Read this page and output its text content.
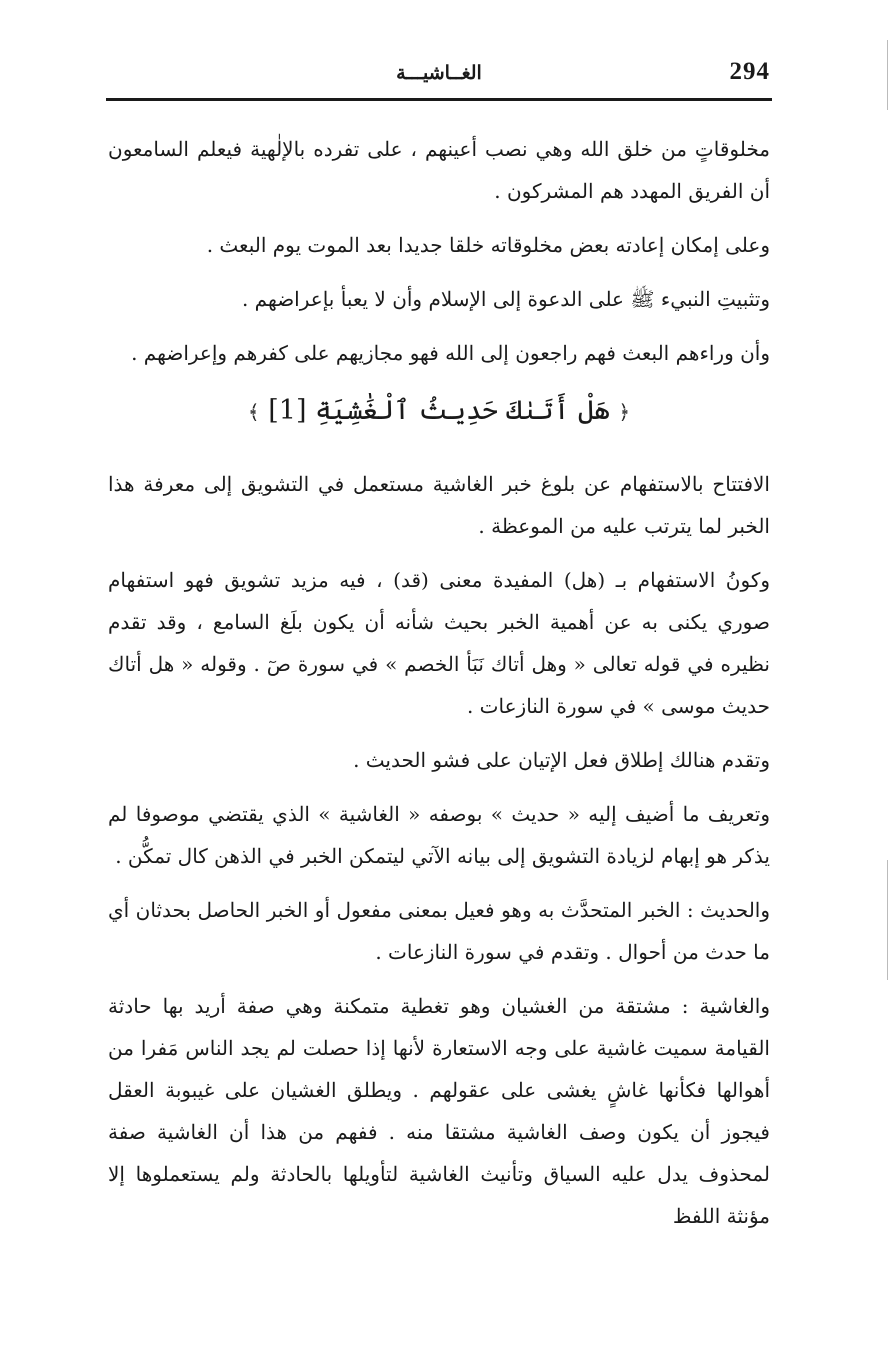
294
الغــاشيـــة

مخلوقاتٍ من خلق الله وهي نصب أعينهم ، على تفرده بالإلٰهية فيعلم السامعون أن الفريق المهدد هم المشركون .

وعلى إمكان إعادته بعض مخلوقاته خلقا جديدا بعد الموت يوم البعث .

وتثبيتِ النبيء ﷺ على الدعوة إلى الإسلام وأن لا يعبأ بإعراضهم .

وأن وراءهم البعث فهم راجعون إلى الله فهو مجازيهم على كفرهم وإعراضهم .

﴿ هَلْ أَتَىٰكَ حَدِيثُ ٱلْغَٰشِيَةِ [1] ﴾

الافتتاح بالاستفهام عن بلوغ خبر الغاشية مستعمل في التشويق إلى معرفة هذا الخبر لما يترتب عليه من الموعظة .

وكونُ الاستفهام بـ (هل) المفيدة معنى (قد) ، فيه مزيد تشويق فهو استفهام صوري يكنى به عن أهمية الخبر بحيث شأنه أن يكون بلَغ السامع ، وقد تقدم نظيره في قوله تعالى « وهل أتاك نَبَأ الخصم » في سورة صٓ . وقوله « هل أتاك حديث موسى » في سورة النازعات .

وتقدم هنالك إطلاق فعل الإتيان على فشو الحديث .

وتعريف ما أضيف إليه « حديث » بوصفه « الغاشية » الذي يقتضي موصوفا لم يذكر هو إبهام لزيادة التشويق إلى بيانه الآتي ليتمكن الخبر في الذهن كال تمكُّن .

والحديث : الخبر المتحدَّث به وهو فعيل بمعنى مفعول أو الخبر الحاصل بحدثان أي ما حدث من أحوال . وتقدم في سورة النازعات .

والغاشية : مشتقة من الغشيان وهو تغطية متمكنة وهي صفة أريد بها حادثة القيامة سميت غاشية على وجه الاستعارة لأنها إذا حصلت لم يجد الناس مَفرا من أهوالها فكأنها غاشٍ يغشى على عقولهم . ويطلق الغشيان على غيبوبة العقل فيجوز أن يكون وصف الغاشية مشتقا منه . ففهم من هذا أن الغاشية صفة لمحذوف يدل عليه السياق وتأنيث الغاشية لتأويلها بالحادثة ولم يستعملوها إلا مؤنثة اللفظ
